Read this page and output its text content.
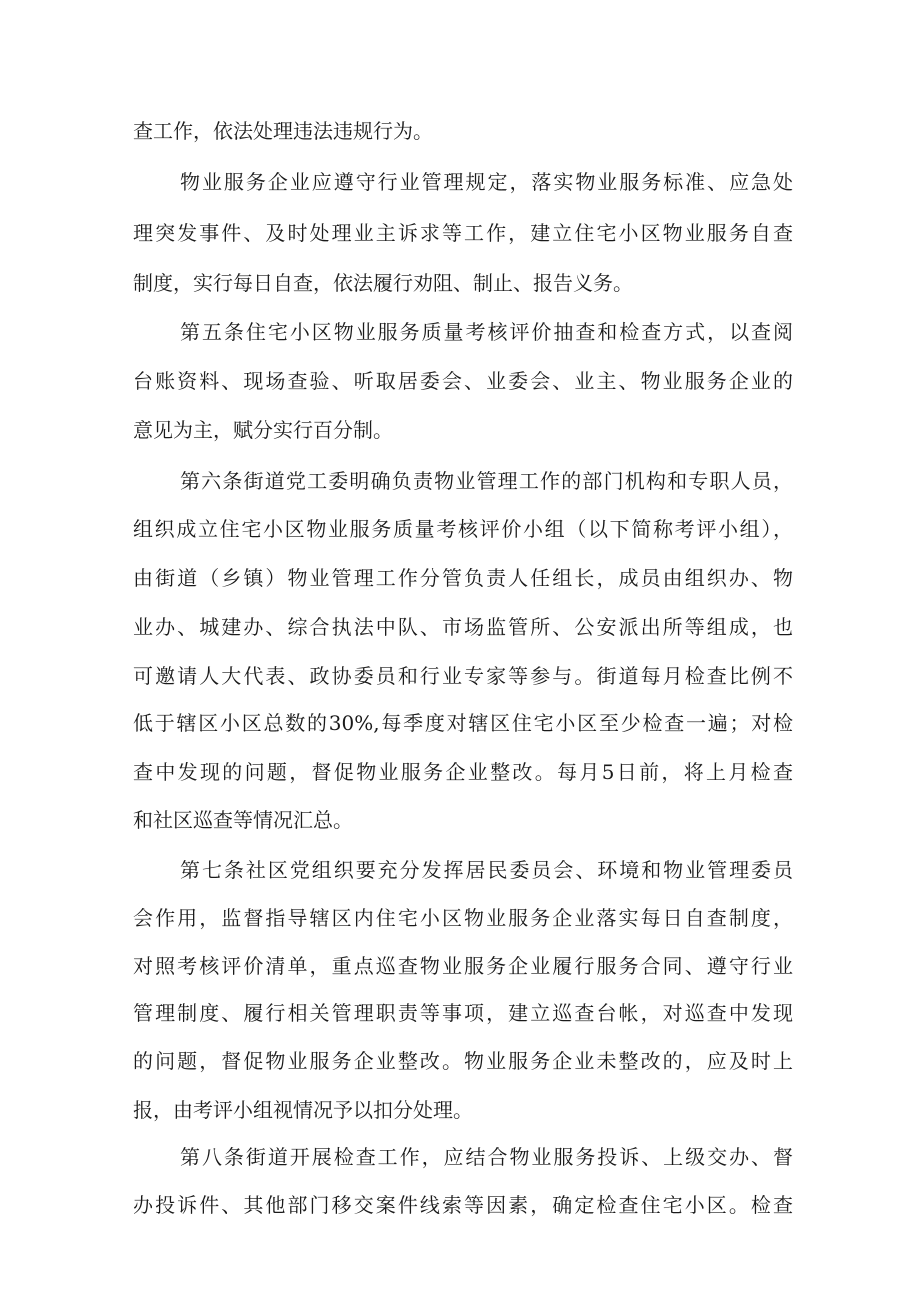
查工作，依法处理违法违规行为。
物业服务企业应遵守行业管理规定，落实物业服务标准、应急处
理突发事件、及时处理业主诉求等工作，建立住宅小区物业服务自查
制度，实行每日自查，依法履行劝阻、制止、报告义务。
第五条住宅小区物业服务质量考核评价抽查和检查方式，以查阅
台账资料、现场查验、听取居委会、业委会、业主、物业服务企业的
意见为主，赋分实行百分制。
第六条街道党工委明确负责物业管理工作的部门机构和专职人员，
组织成立住宅小区物业服务质量考核评价小组（以下简称考评小组），
由街道（乡镇）物业管理工作分管负责人任组长，成员由组织办、物
业办、城建办、综合执法中队、市场监管所、公安派出所等组成，也
可邀请人大代表、政协委员和行业专家等参与。街道每月检查比例不
低于辖区小区总数的30%,每季度对辖区住宅小区至少检查一遍；对检
查中发现的问题，督促物业服务企业整改。每月5日前，将上月检查
和社区巡查等情况汇总。
第七条社区党组织要充分发挥居民委员会、环境和物业管理委员
会作用，监督指导辖区内住宅小区物业服务企业落实每日自查制度，
对照考核评价清单，重点巡查物业服务企业履行服务合同、遵守行业
管理制度、履行相关管理职责等事项，建立巡查台帐，对巡查中发现
的问题，督促物业服务企业整改。物业服务企业未整改的，应及时上
报，由考评小组视情况予以扣分处理。
第八条街道开展检查工作，应结合物业服务投诉、上级交办、督
办投诉件、其他部门移交案件线索等因素，确定检查住宅小区。检查
